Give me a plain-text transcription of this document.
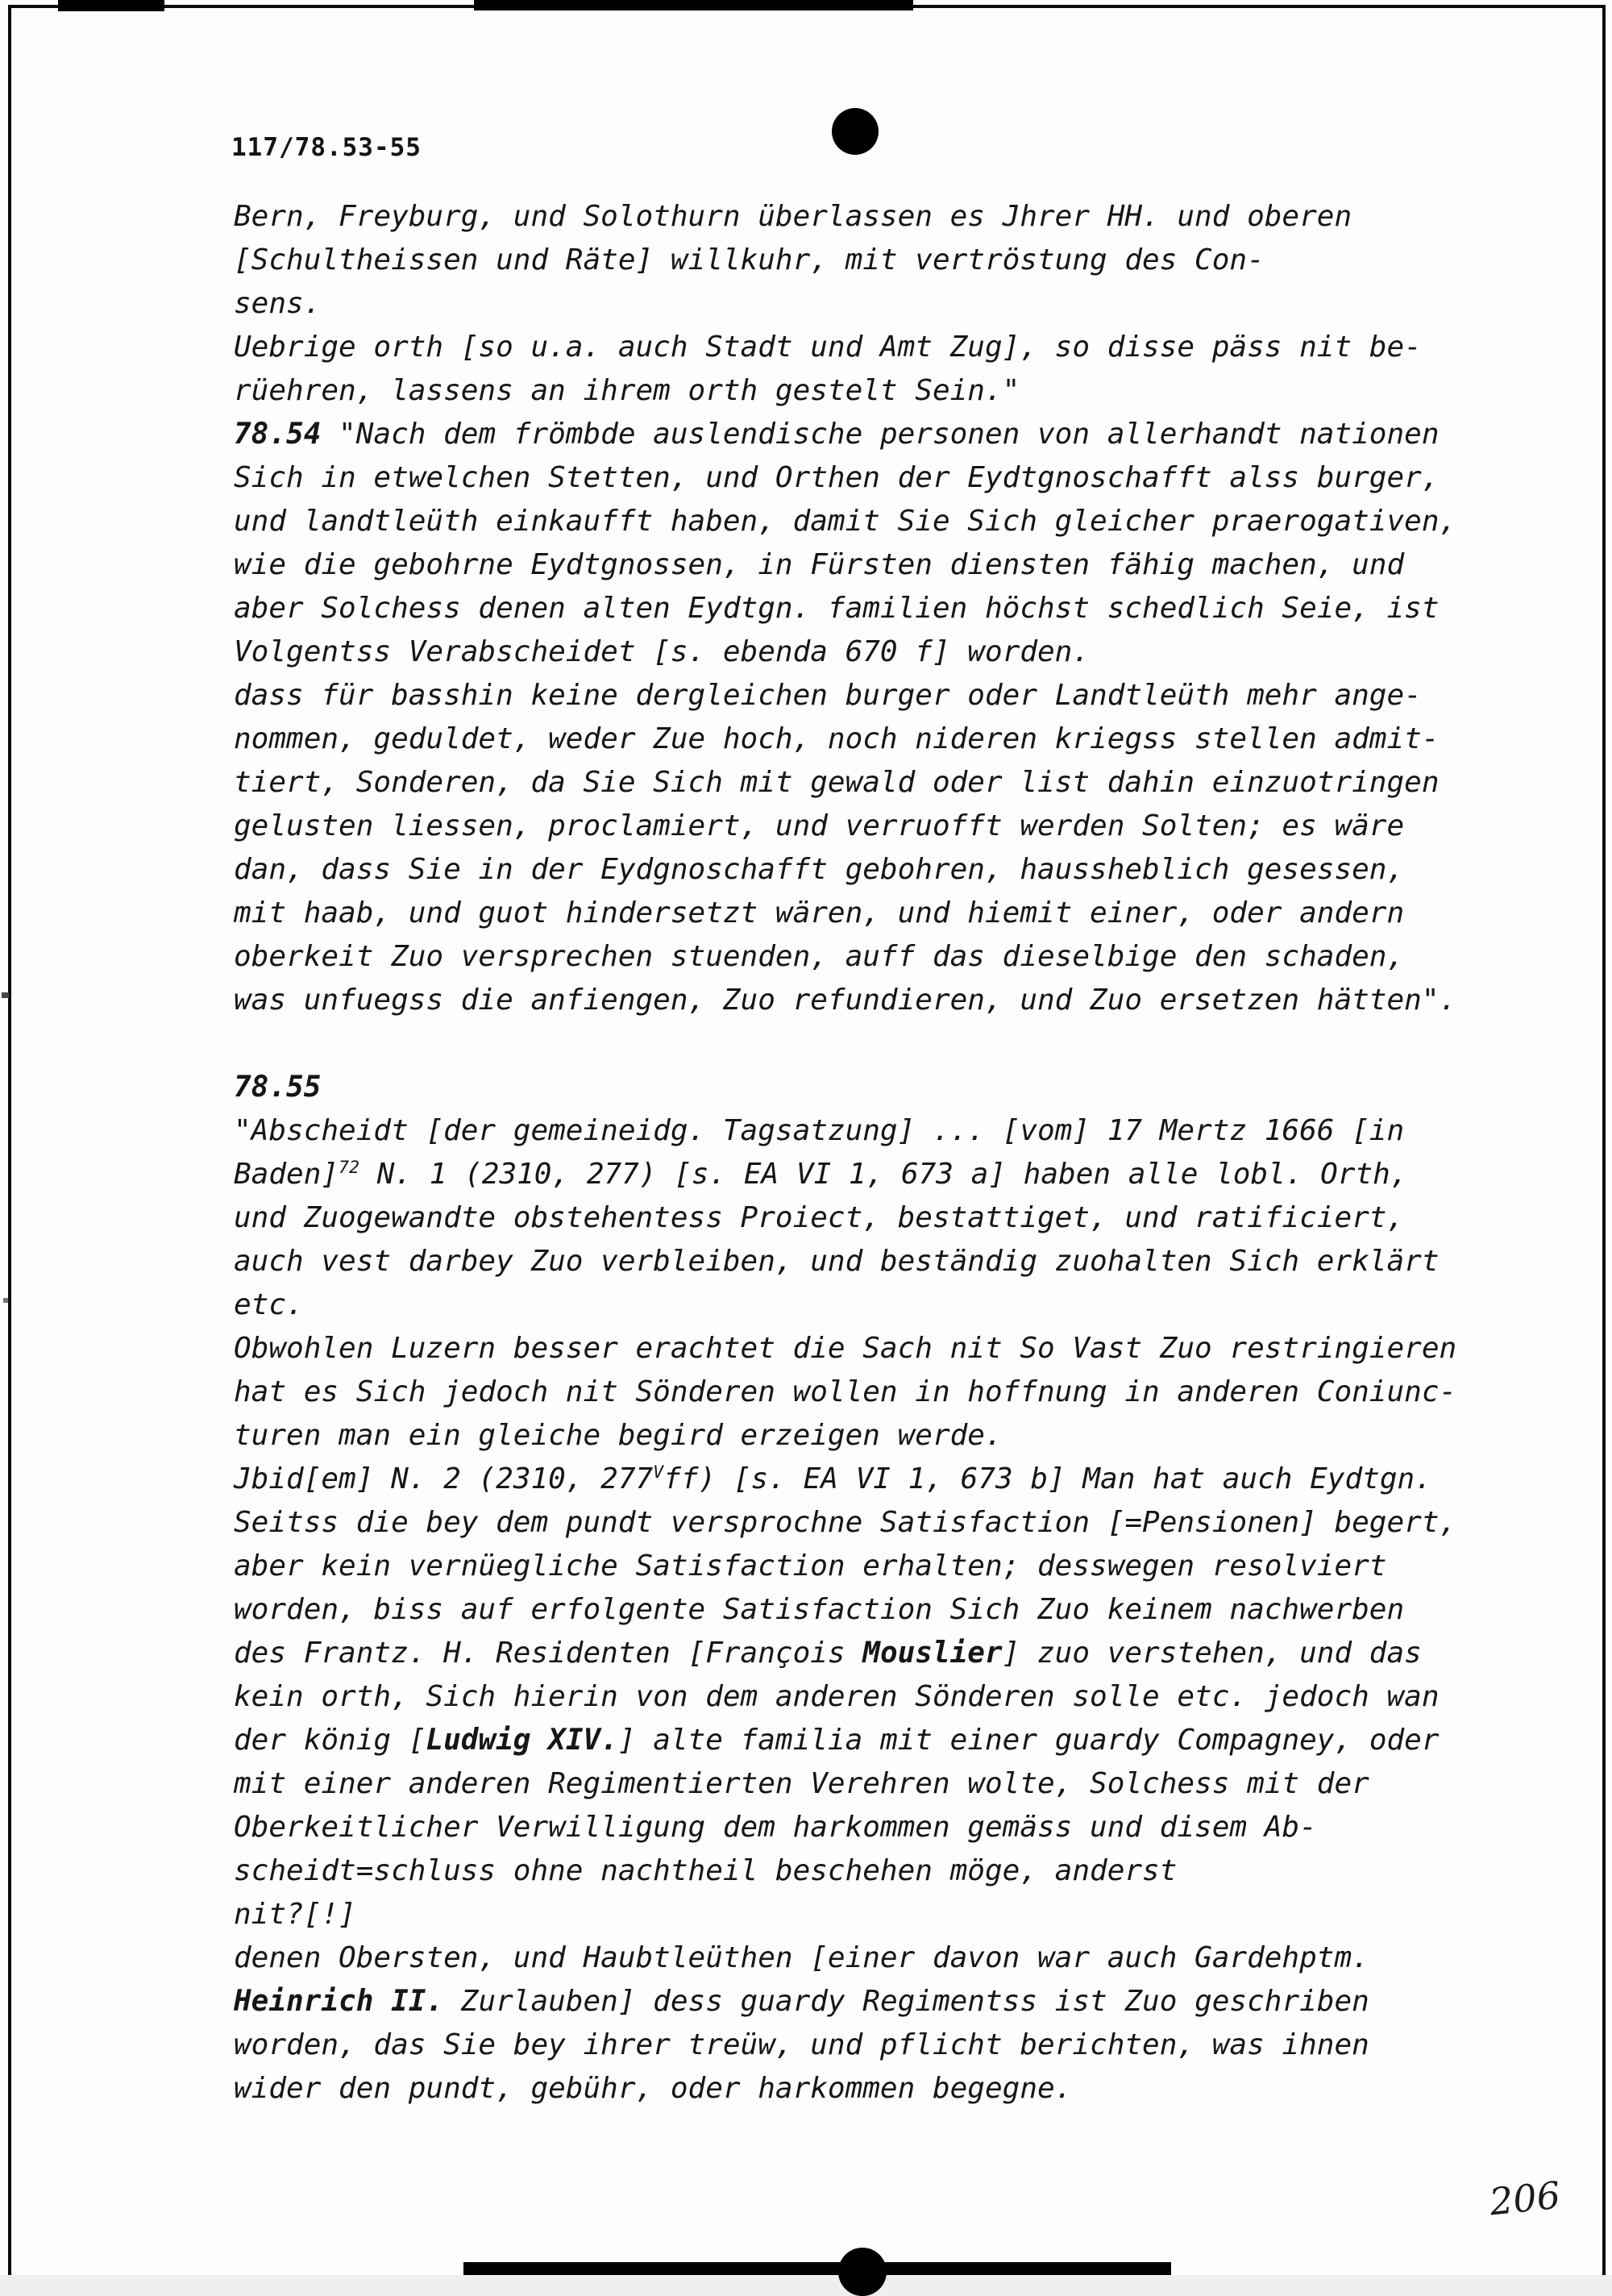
117/78.53-55
Bern, Freyburg, und Solothurn überlassen es Jhrer HH. und oberen
[Schultheissen und Räte] willkuhr, mit vertröstung des Con-
sens.
Uebrige orth [so u.a. auch Stadt und Amt Zug], so disse päss nit be-
rüehren, lassens an ihrem orth gestelt Sein."
78.54 "Nach dem frömbde auslendische personen von allerhandt nationen
Sich in etwelchen Stetten, und Orthen der Eydtgnoschafft alss burger,
und landtleüth einkaufft haben, damit Sie Sich gleicher praerogativen,
wie die gebohrne Eydtgnossen, in Fürsten diensten fähig machen, und
aber Solchess denen alten Eydtgn. familien höchst schedlich Seie, ist
Volgentss Verabscheidet [s. ebenda 670 f] worden.
dass für basshin keine dergleichen burger oder Landtleüth mehr ange-
nommen, geduldet, weder Zue hoch, noch nideren kriegss stellen admit-
tiert, Sonderen, da Sie Sich mit gewald oder list dahin einzuotringen
gelusten liessen, proclamiert, und verruofft werden Solten; es wäre
dan, dass Sie in der Eydgnoschafft gebohren, haussheblich gesessen,
mit haab, und guot hindersetzt wären, und hiemit einer, oder andern
oberkeit Zuo versprechen stuenden, auff das dieselbige den schaden,
was unfuegss die anfiengen, Zuo refundieren, und Zuo ersetzen hätten".

78.55
"Abscheidt [der gemeineidg. Tagsatzung] ... [vom] 17 Mertz 1666 [in
Baden]$^{72}$ N. 1 (2310, 277) [s. EA VI 1, 673 a] haben alle lobl. Orth,
und Zuogewandte obstehentess Proiect, bestattiget, und ratificiert,
auch vest darbey Zuo verbleiben, und beständig zuohalten Sich erklärt
etc.
Obwohlen Luzern besser erachtet die Sach nit So Vast Zuo restringieren
hat es Sich jedoch nit Sönderen wollen in hoffnung in anderen Coniunc-
turen man ein gleiche begird erzeigen werde.
Jbid[em] N. 2 (2310, $277^Vff$) [s. EA VI 1, 673 b] Man hat auch Eydtgn.
Seitss die bey dem pundt versprochne Satisfaction [=Pensionen] begert,
aber kein vernüegliche Satisfaction erhalten; desswegen resolviert
worden, biss auf erfolgente Satisfaction Sich Zuo keinem nachwerben
des Frantz. H. Residenten [François Mouslier] zuo verstehen, und das
kein orth, Sich hierin von dem anderen Sönderen solle etc. jedoch wan
der könig [Ludwig XIV.] alte familia mit einer guardy Compagney, oder
mit einer anderen Regimentierten Verehren wolte, Solchess mit der
Oberkeitlicher Verwilligung dem harkommen gemäss und disem Ab-
scheidt=schluss ohne nachtheil beschehen möge, anderst
nit?[!]
denen Obersten, und Haubtleüthen [einer davon war auch Gardehptm.
Heinrich II. Zurlauben] dess guardy Regimentss ist Zuo geschriben
worden, das Sie bey ihrer treüw, und pflicht berichten, was ihnen
wider den pundt, gebühr, oder harkommen begegne.
206
